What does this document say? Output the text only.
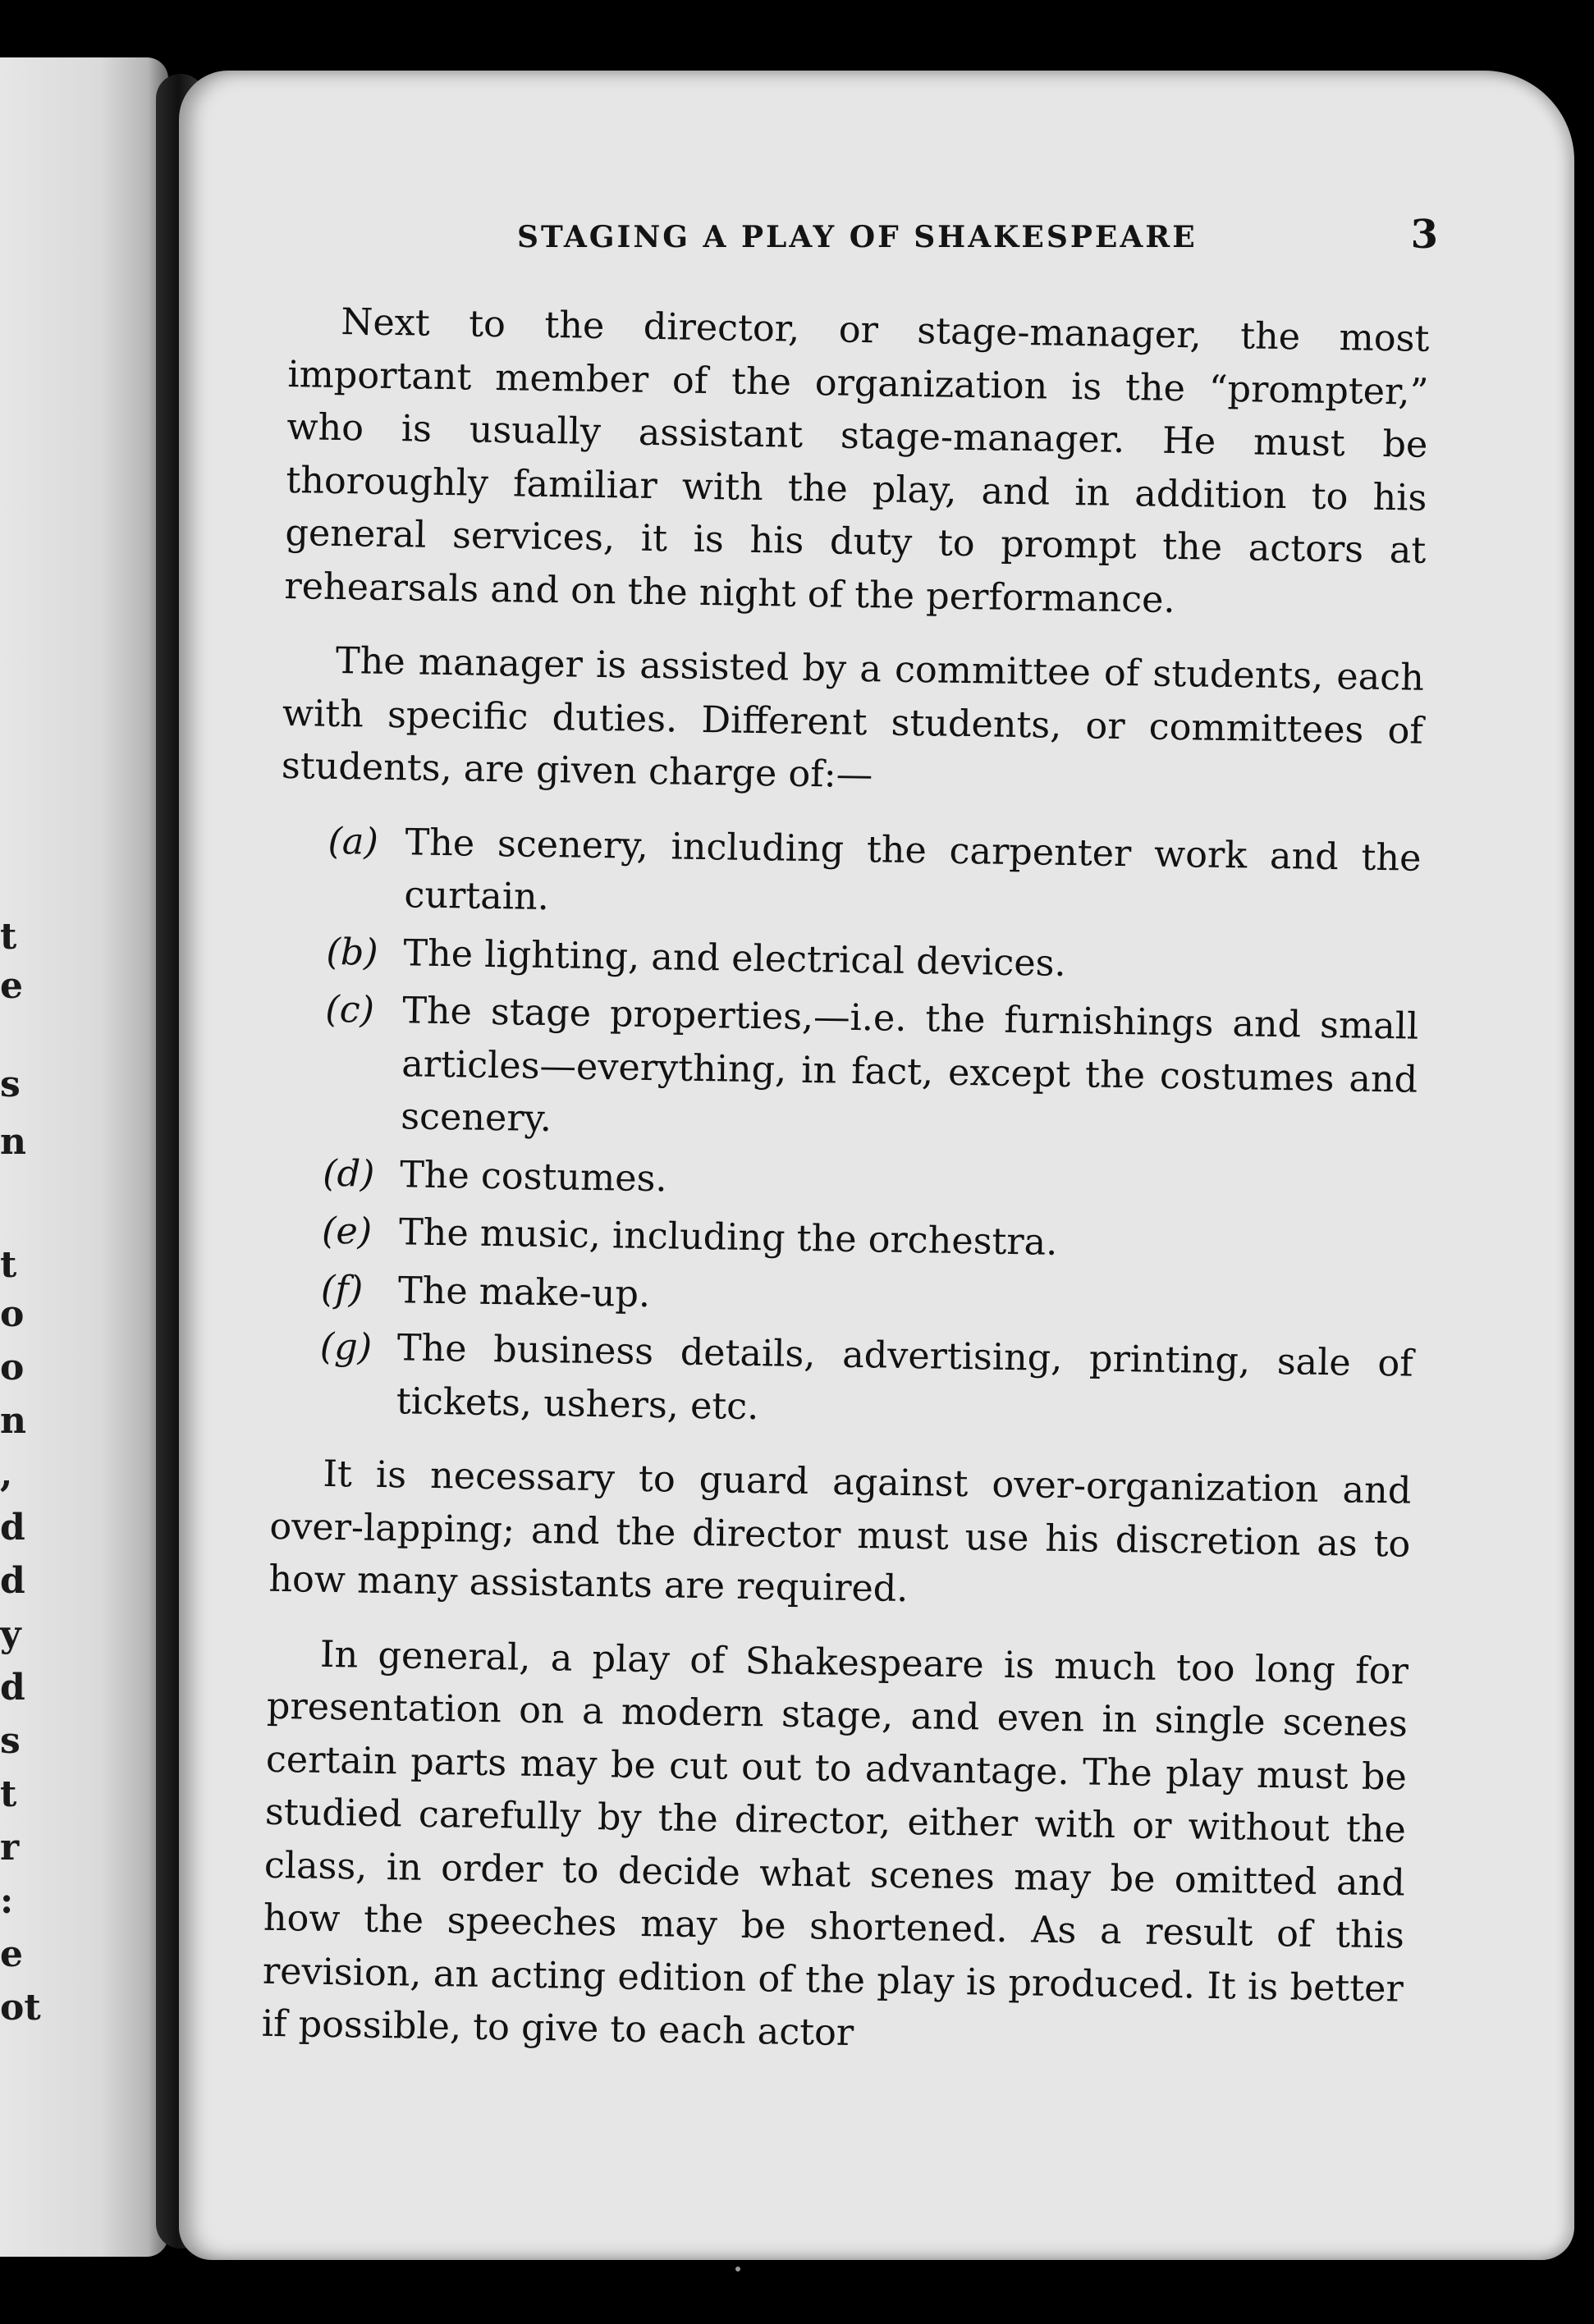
t
e
s
n
t
o
o
n
,
d
d
y
d
s
t
r
:
e
ot
STAGING A PLAY OF SHAKESPEARE	3

Next to the director, or stage-manager, the most important member of the organization is the “prompter,” who is usually assistant stage-manager. He must be thoroughly familiar with the play, and in addition to his general services, it is his duty to prompt the actors at rehearsals and on the night of the performance.

The manager is assisted by a committee of students, each with specific duties. Different students, or committees of students, are given charge of:—

(a) The scenery, including the carpenter work and the curtain.
(b) The lighting, and electrical devices.
(c) The stage properties,—i.e. the furnishings and small articles—everything, in fact, except the costumes and scenery.
(d) The costumes.
(e) The music, including the orchestra.
(f) The make-up.
(g) The business details, advertising, printing, sale of tickets, ushers, etc.

It is necessary to guard against over-organization and over-lapping; and the director must use his discretion as to how many assistants are required.

In general, a play of Shakespeare is much too long for presentation on a modern stage, and even in single scenes certain parts may be cut out to advantage. The play must be studied carefully by the director, either with or without the class, in order to decide what scenes may be omitted and how the speeches may be shortened. As a result of this revision, an acting edition of the play is produced. It is better if possible, to give to each actor
